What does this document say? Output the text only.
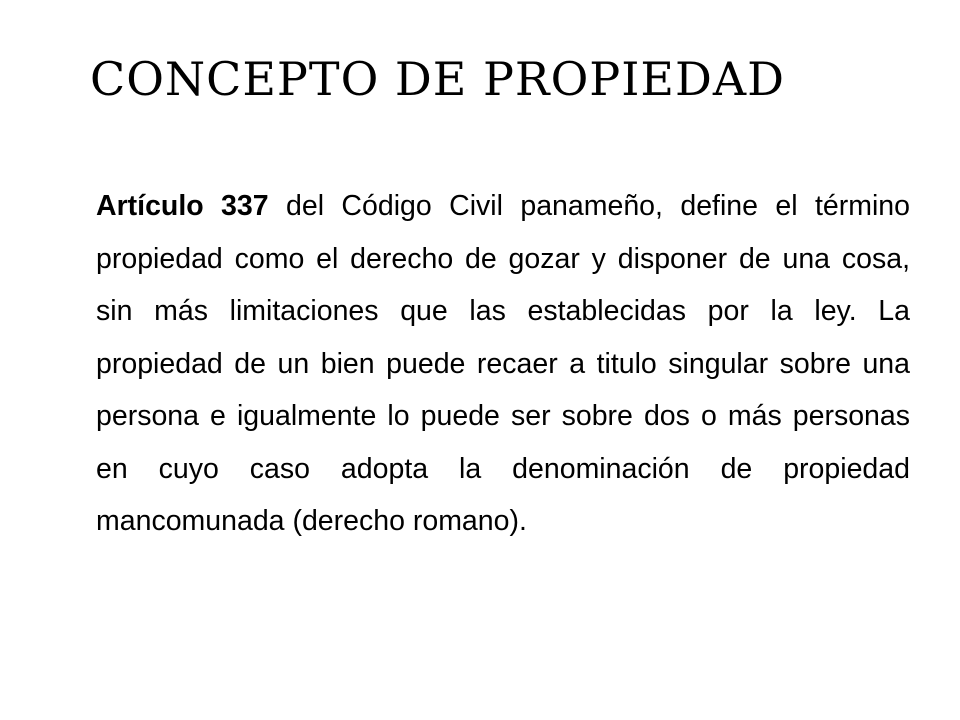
CONCEPTO DE PROPIEDAD

Artículo 337 del Código Civil panameño, define el término propiedad como el derecho de gozar y disponer de una cosa, sin más limitaciones que las establecidas por la ley. La propiedad de un bien puede recaer a titulo singular sobre una persona e igualmente lo puede ser sobre dos o más personas en cuyo caso adopta la denominación de propiedad mancomunada (derecho romano).
